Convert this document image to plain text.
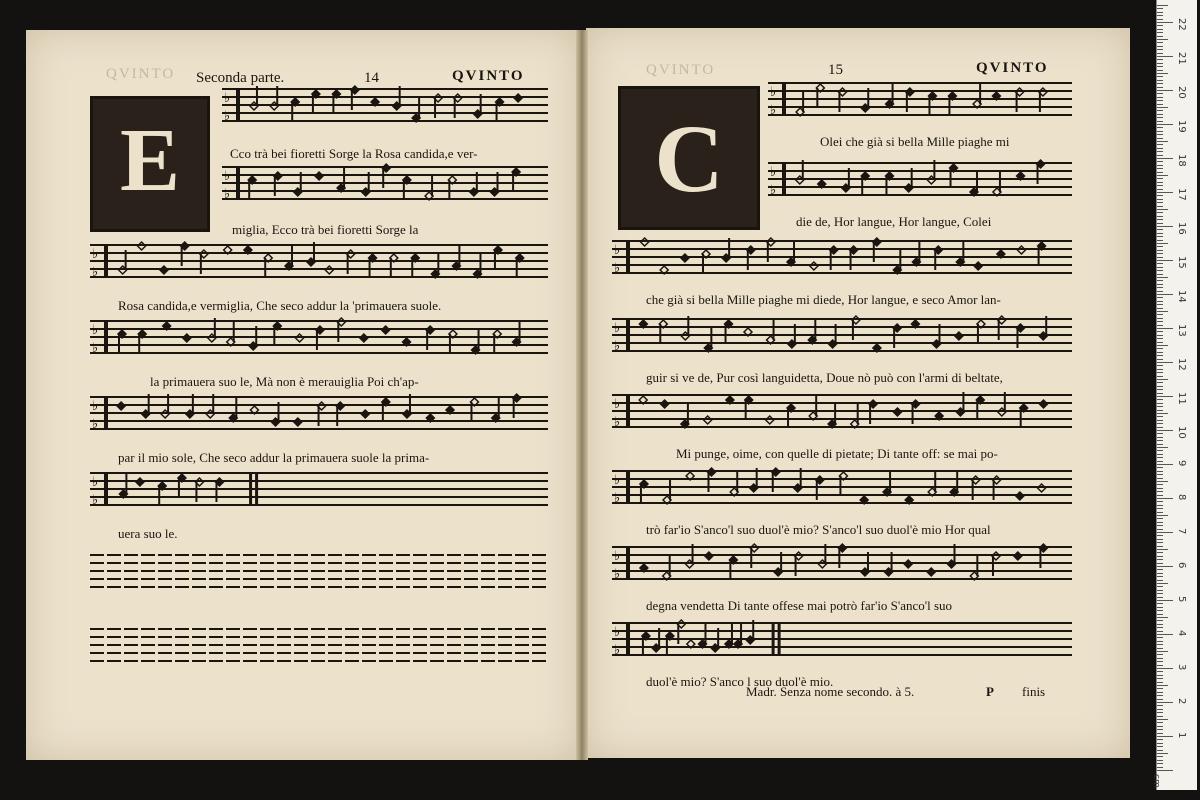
QVINTO Seconda parte.	14	QVINTO
E
QVINTO	15	QVINTO
C
Madr. Senza nome secondo. à 5.	P finis
♭
♭
♭
♭
♭
♭
♭
♭
♭
♭
♭
♭
♭
♭
♭
♭
♭
♭
♭
♭
♭
♭
♭
♭
♭
♭
♭
♭
Cco trà bei fioretti Sorge la Rosa candida,e ver-
miglia, Ecco trà bei fioretti Sorge la
Rosa candida,e vermiglia, Che seco addur la 'primauera suole.
la primauera suo le, Mà non è merauiglia Poi ch'ap-
par il mio sole, Che seco addur la primauera suole la prima-
uera suo le.
Olei che già si bella Mille piaghe mi
die de, Hor langue, Hor langue, Colei
che già si bella Mille piaghe mi diede, Hor langue, e seco Amor lan-
guir si ve de, Pur così languidetta, Doue nò può con l'armi di beltate,
Mi punge, oime, con quelle di pietate; Di tante off: se mai po-
trò far'io S'anco'l suo duol'è mio? S'anco'l suo duol'è mio Hor qual
degna vendetta Di tante offese mai potrò far'io S'anco'l suo
duol'è mio? S'anco l suo duol'è mio.
cm
1
2
3
4
5
6
7
8
9
10
11
12
13
14
15
16
17
18
19
20
21
22
